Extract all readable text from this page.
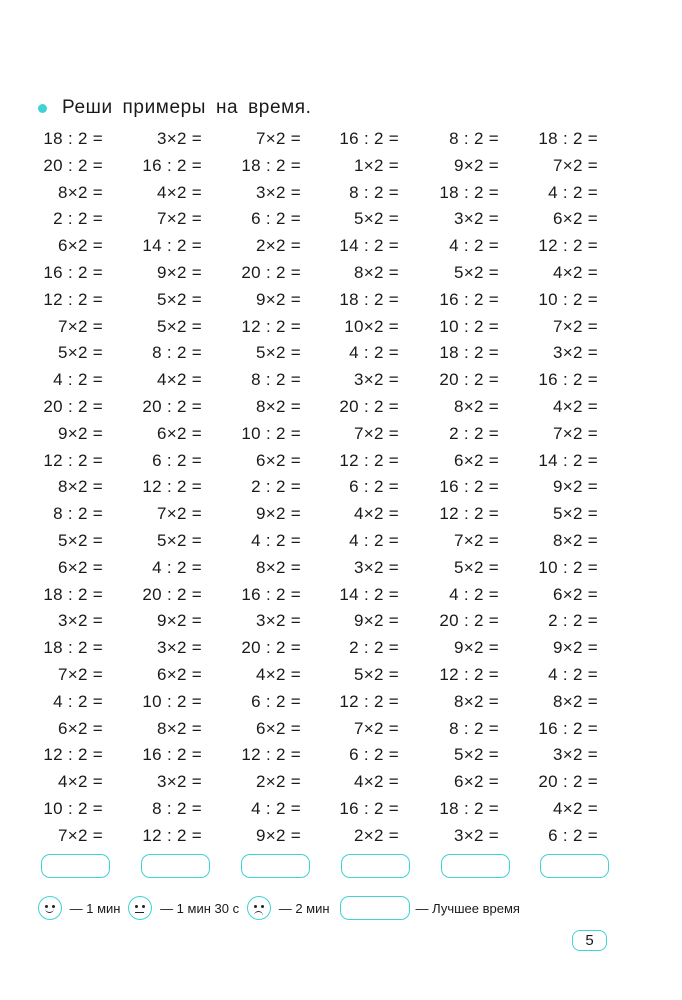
Реши примеры на время.
18 : 2 =	3×2 =	7×2 =	16 : 2 =	8 : 2 =	18 : 2 =
20 : 2 =	16 : 2 =	18 : 2 =	1×2 =	9×2 =	7×2 =
8×2 =	4×2 =	3×2 =	8 : 2 =	18 : 2 =	4 : 2 =
2 : 2 =	7×2 =	6 : 2 =	5×2 =	3×2 =	6×2 =
6×2 =	14 : 2 =	2×2 =	14 : 2 =	4 : 2 =	12 : 2 =
16 : 2 =	9×2 =	20 : 2 =	8×2 =	5×2 =	4×2 =
12 : 2 =	5×2 =	9×2 =	18 : 2 =	16 : 2 =	10 : 2 =
7×2 =	5×2 =	12 : 2 =	10×2 =	10 : 2 =	7×2 =
5×2 =	8 : 2 =	5×2 =	4 : 2 =	18 : 2 =	3×2 =
4 : 2 =	4×2 =	8 : 2 =	3×2 =	20 : 2 =	16 : 2 =
20 : 2 =	20 : 2 =	8×2 =	20 : 2 =	8×2 =	4×2 =
9×2 =	6×2 =	10 : 2 =	7×2 =	2 : 2 =	7×2 =
12 : 2 =	6 : 2 =	6×2 =	12 : 2 =	6×2 =	14 : 2 =
8×2 =	12 : 2 =	2 : 2 =	6 : 2 =	16 : 2 =	9×2 =
8 : 2 =	7×2 =	9×2 =	4×2 =	12 : 2 =	5×2 =
5×2 =	5×2 =	4 : 2 =	4 : 2 =	7×2 =	8×2 =
6×2 =	4 : 2 =	8×2 =	3×2 =	5×2 =	10 : 2 =
18 : 2 =	20 : 2 =	16 : 2 =	14 : 2 =	4 : 2 =	6×2 =
3×2 =	9×2 =	3×2 =	9×2 =	20 : 2 =	2 : 2 =
18 : 2 =	3×2 =	20 : 2 =	2 : 2 =	9×2 =	9×2 =
7×2 =	6×2 =	4×2 =	5×2 =	12 : 2 =	4 : 2 =
4 : 2 =	10 : 2 =	6 : 2 =	12 : 2 =	8×2 =	8×2 =
6×2 =	8×2 =	6×2 =	7×2 =	8 : 2 =	16 : 2 =
12 : 2 =	16 : 2 =	12 : 2 =	6 : 2 =	5×2 =	3×2 =
4×2 =	3×2 =	2×2 =	4×2 =	6×2 =	20 : 2 =
10 : 2 =	8 : 2 =	4 : 2 =	16 : 2 =	18 : 2 =	4×2 =
7×2 =	12 : 2 =	9×2 =	2×2 =	3×2 =	6 : 2 =
— 1 мин	— 1 мин 30 с	— 2 мин	— Лучшее время
5
